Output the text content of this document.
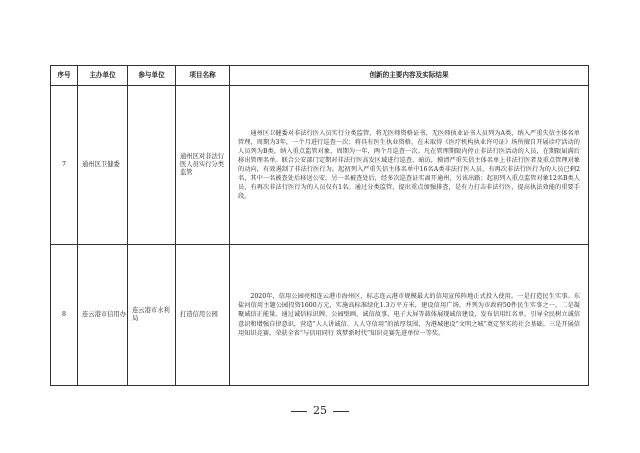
序号	主办单位	参与单位	项目名称	创新的主要内容及实际结果
7	通州区卫健委		通州区对非法行医人员实行分类监管	通州区卫健委对非法行医人员实行分类监管，将无医师资格证书、无医师执业证书人员列为A类，纳入严重失信主体名单管理，周期为3年，一个月进行巡查一次；将具有医生执业资格，在未取得《医疗机构执业许可证》场所擅自开展诊疗活动的人员列为B类，纳入重点监管对象，周期为一年，两个月巡查一次。凡在管理期限内停止非法行医活动的人员，在期限届满后移出管理名单。联合公安部门定期对非法行医高发区域进行巡查、暗访，摸清严重失信主体名单上非法行医者及重点管理对象的动向，有效遏制了非法行医行为。起初列入严重失信主体名单中16名A类非法行医人员，有再次非法行医行为的人员已剩2名，其中一名被查处后移送公安，另一名被查处后，经多次巡查证实离开通州，另该出路；起初列入重点监管对象12名B类人员，有再次非法行医行为的人员仅有1名。通过分类监管，提出重点加强排查，是有力打击非法行医，提高执法效能的重要手段。

8	连云港市信用办	连云港市水利局	打造信用公园	2020年，信用公园亮相连云港市海州区，标志连云港市规模最大的信用宣传阵地正式投入使用。一是打造民生实事。东盐河信用主题公园投资1600万元，实施高标准绿化1.3万平方米，建设信用广场，并列为市政府50件民生实事之一。二是凝聚诚信正能量。通过诚信标识牌、公园壁画、诚信故事、电子大屏等载体展现诚信建设，发布信用红名单，引导全民树立诚信意识和增强自律意识，营造“人人讲诚信、人人守信用”的浓厚氛围，为港城建设“文明之城”奠定坚实的社会基础。三是开展信用知识竞赛。荣获全省“与信用同行 筑梦新时代”知识竞赛先进单位一等奖。
25
